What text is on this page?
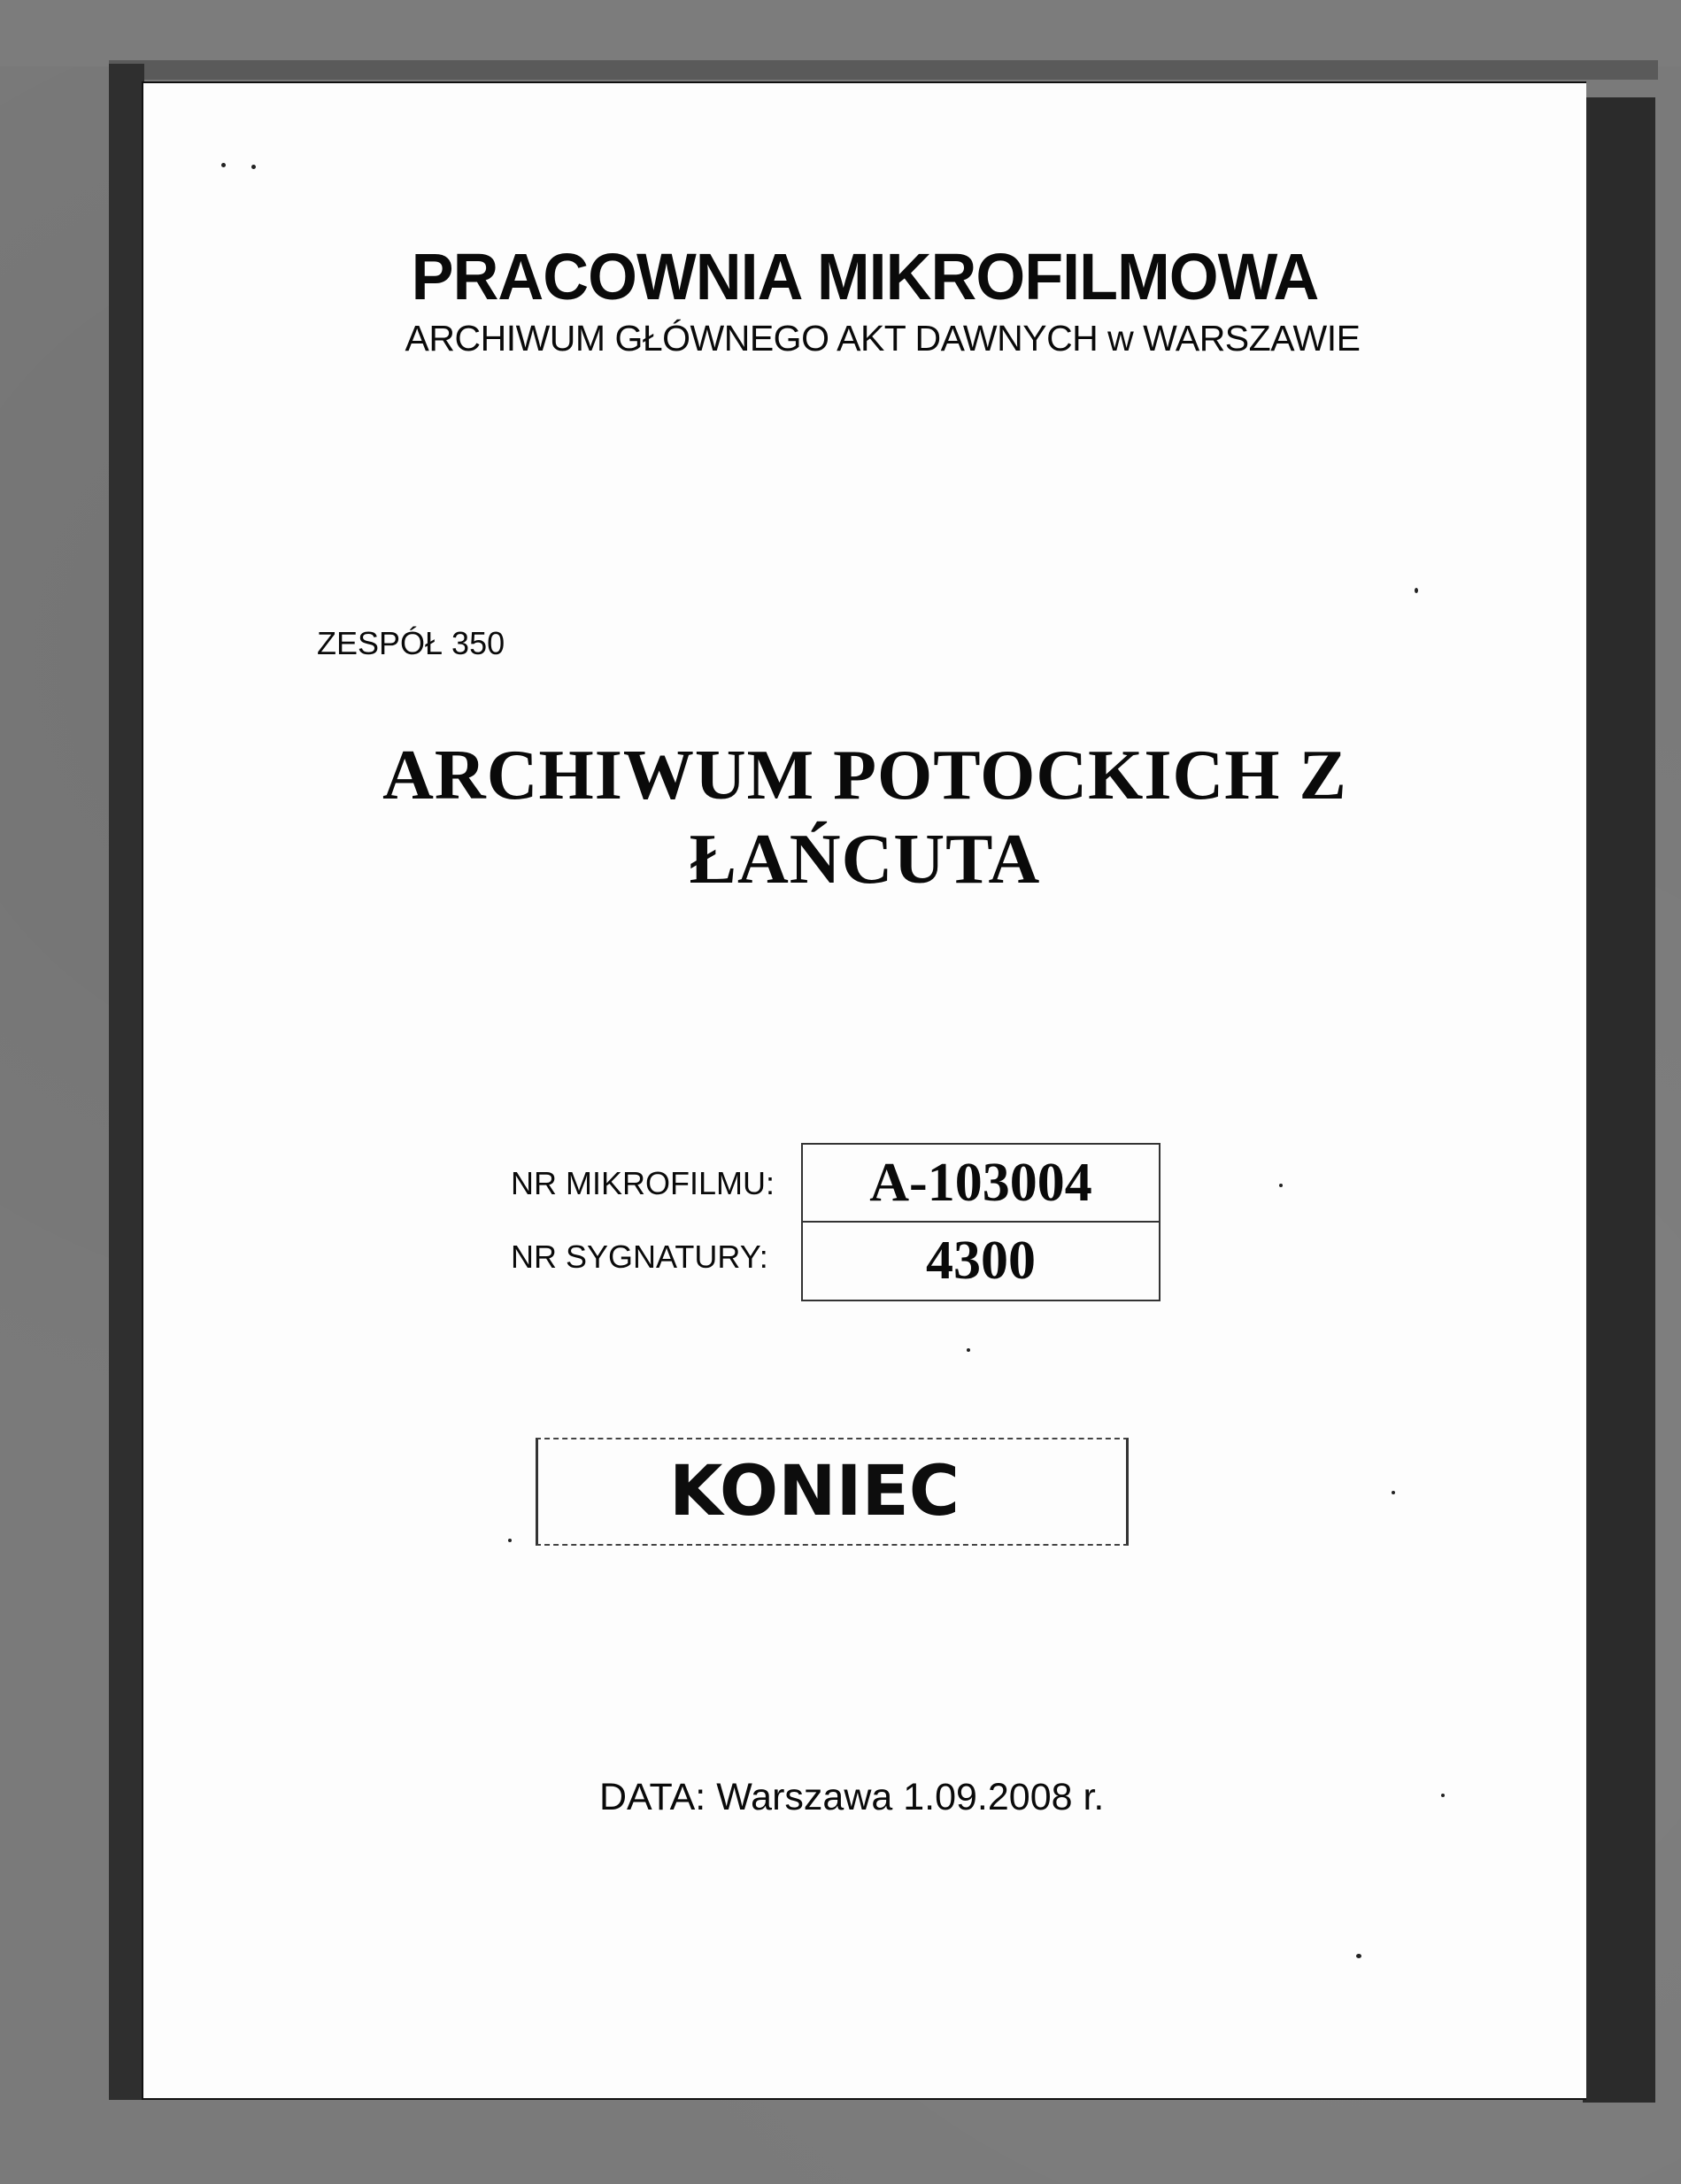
PRACOWNIA MIKROFILMOWA
ARCHIWUM GŁÓWNEGO AKT DAWNYCH w WARSZAWIE
ZESPÓŁ 350
ARCHIWUM POTOCKICH Z
ŁAŃCUTA
NR MIKROFILMU:
NR SYGNATURY:
A-103004
4300
KONIEC
DATA: Warszawa 1.09.2008 r.
